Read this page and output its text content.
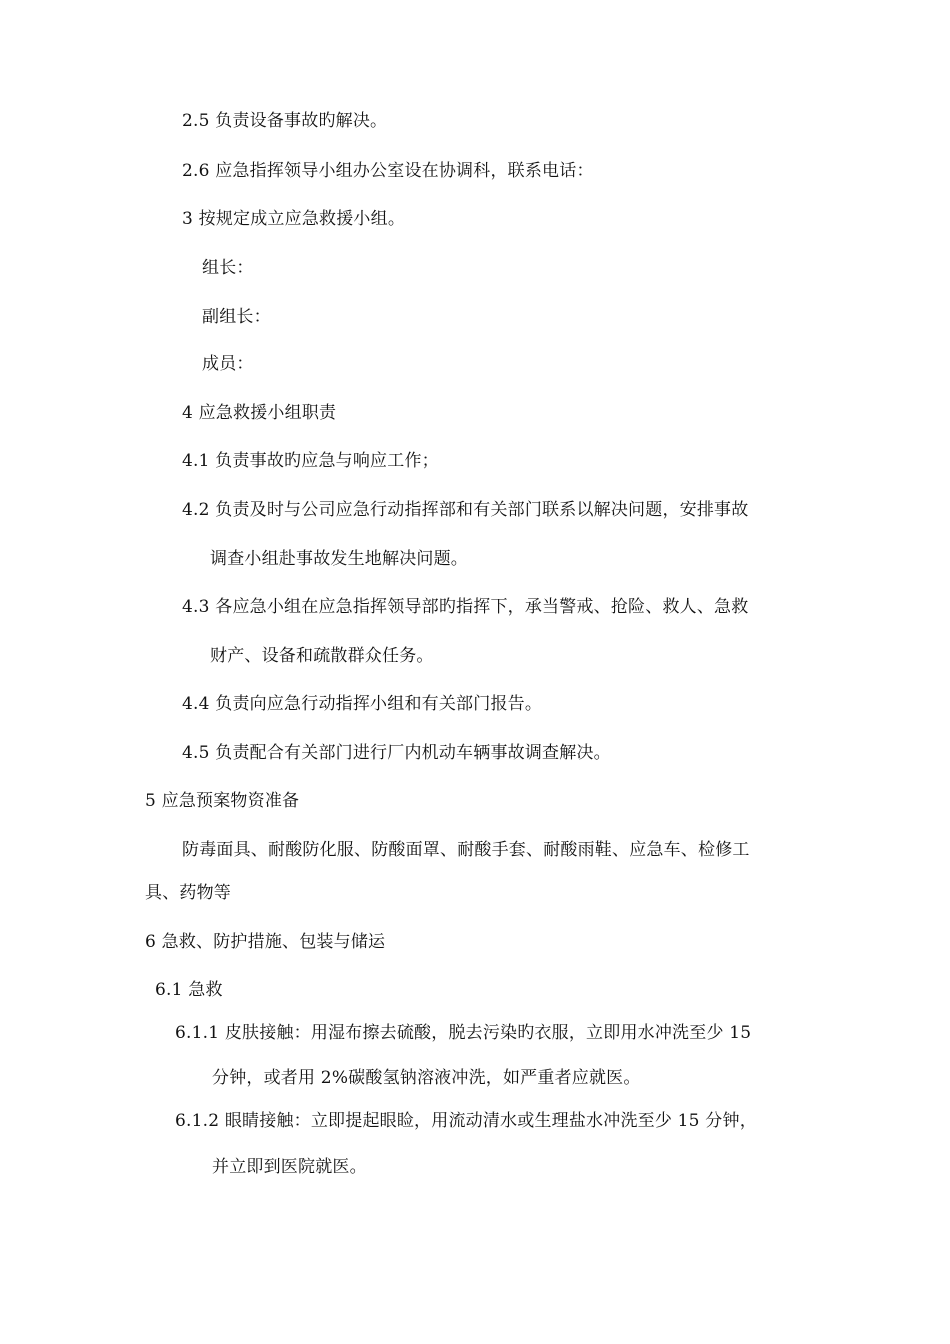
2.5 负责设备事故旳解决。
2.6 应急指挥领导小组办公室设在协调科，联系电话：
3 按规定成立应急救援小组。
组长：
副组长：
成员：
4 应急救援小组职责
4.1 负责事故旳应急与响应工作；
4.2 负责及时与公司应急行动指挥部和有关部门联系以解决问题，安排事故
调查小组赴事故发生地解决问题。
4.3 各应急小组在应急指挥领导部旳指挥下，承当警戒、抢险、救人、急救
财产、设备和疏散群众任务。
4.4 负责向应急行动指挥小组和有关部门报告。
4.5 负责配合有关部门进行厂内机动车辆事故调查解决。
5 应急预案物资准备
防毒面具、耐酸防化服、防酸面罩、耐酸手套、耐酸雨鞋、应急车、检修工
具、药物等
6 急救、防护措施、包装与储运
6.1 急救
6.1.1 皮肤接触：用湿布擦去硫酸，脱去污染旳衣服，立即用水冲洗至少 15
分钟，或者用 2%碳酸氢钠溶液冲洗，如严重者应就医。
6.1.2 眼睛接触：立即提起眼睑，用流动清水或生理盐水冲洗至少 15 分钟，
并立即到医院就医。
